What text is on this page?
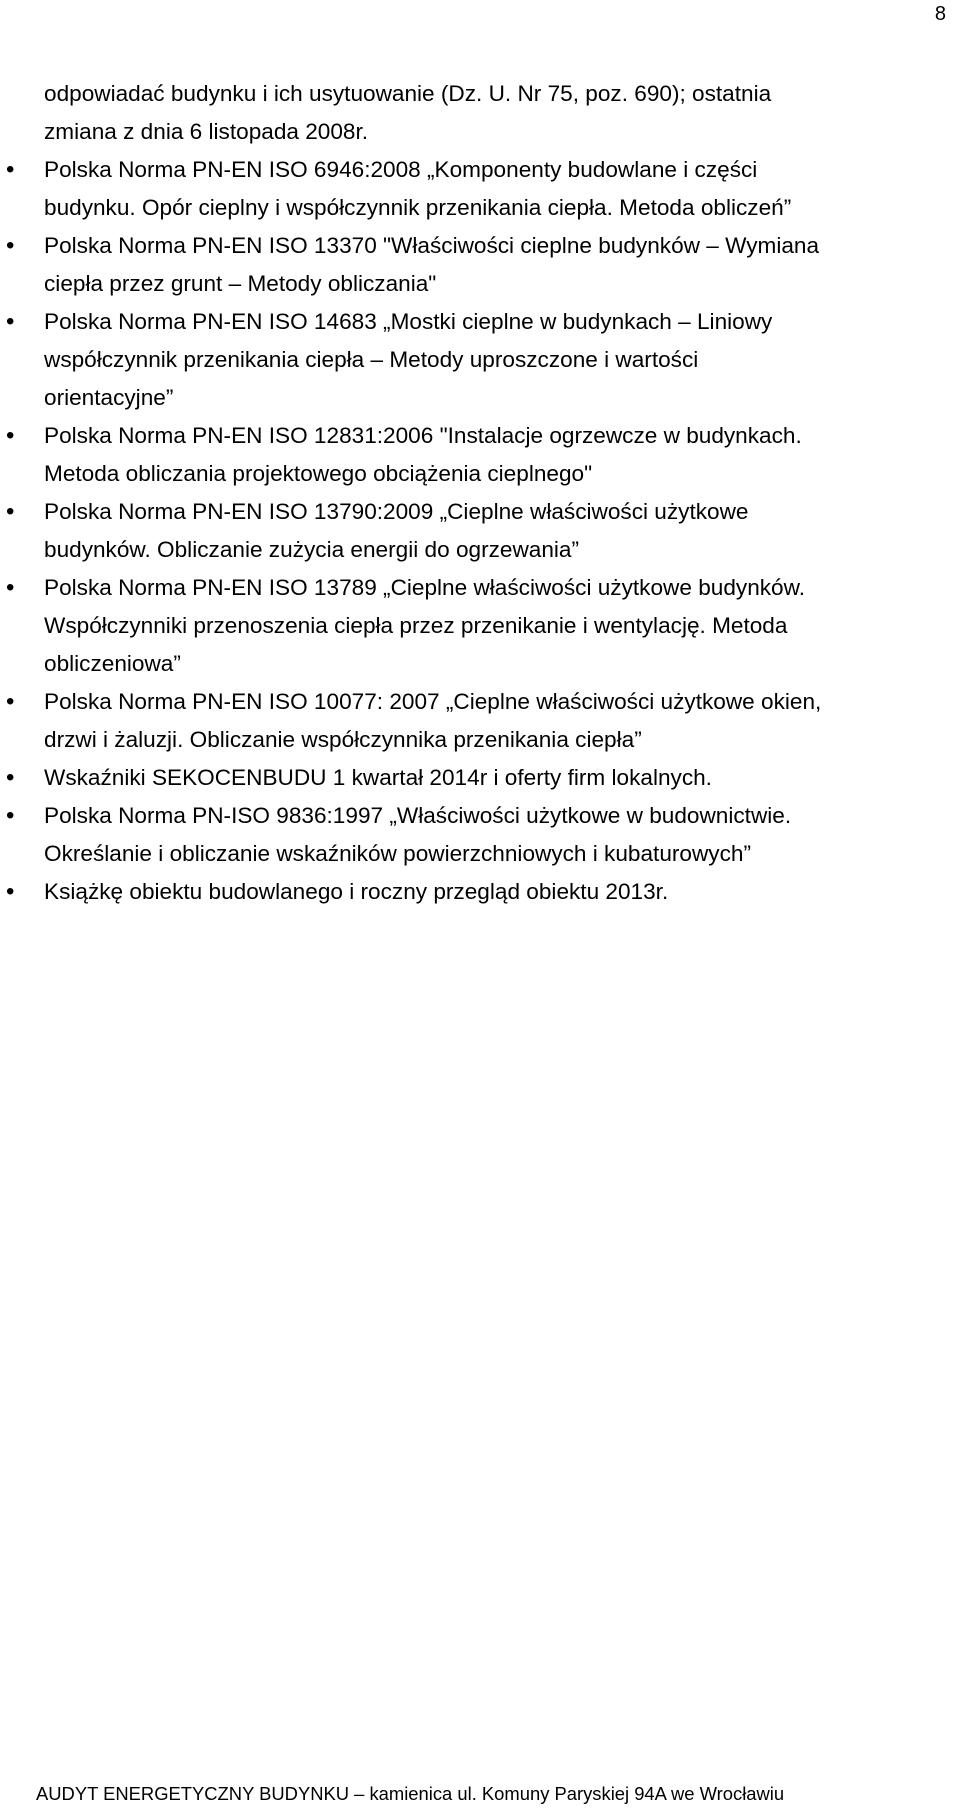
8
odpowiadać budynku i ich usytuowanie (Dz. U. Nr 75, poz. 690); ostatnia
zmiana z dnia 6 listopada 2008r.
• Polska Norma PN-EN ISO 6946:2008 „Komponenty budowlane i części
budynku. Opór cieplny i współczynnik przenikania ciepła. Metoda obliczeń”
• Polska Norma PN-EN ISO 13370 "Właściwości cieplne budynków – Wymiana
ciepła przez grunt – Metody obliczania"
• Polska Norma PN-EN ISO 14683 „Mostki cieplne w budynkach – Liniowy
współczynnik przenikania ciepła – Metody uproszczone i wartości
orientacyjne”
• Polska Norma PN-EN ISO 12831:2006 "Instalacje ogrzewcze w budynkach.
Metoda obliczania projektowego obciążenia cieplnego"
• Polska Norma PN-EN ISO 13790:2009 „Cieplne właściwości użytkowe
budynków. Obliczanie zużycia energii do ogrzewania”
• Polska Norma PN-EN ISO 13789 „Cieplne właściwości użytkowe budynków.
Współczynniki przenoszenia ciepła przez przenikanie i wentylację. Metoda
obliczeniowa”
• Polska Norma PN-EN ISO 10077: 2007 „Cieplne właściwości użytkowe okien,
drzwi i żaluzji. Obliczanie współczynnika przenikania ciepła”
• Wskaźniki SEKOCENBUDU 1 kwartał 2014r i oferty firm lokalnych.
• Polska Norma PN-ISO 9836:1997 „Właściwości użytkowe w budownictwie.
Określanie i obliczanie wskaźników powierzchniowych i kubaturowych”
• Książkę obiektu budowlanego i roczny przegląd obiektu 2013r.
AUDYT ENERGETYCZNY BUDYNKU – kamienica ul. Komuny Paryskiej 94A we Wrocławiu
